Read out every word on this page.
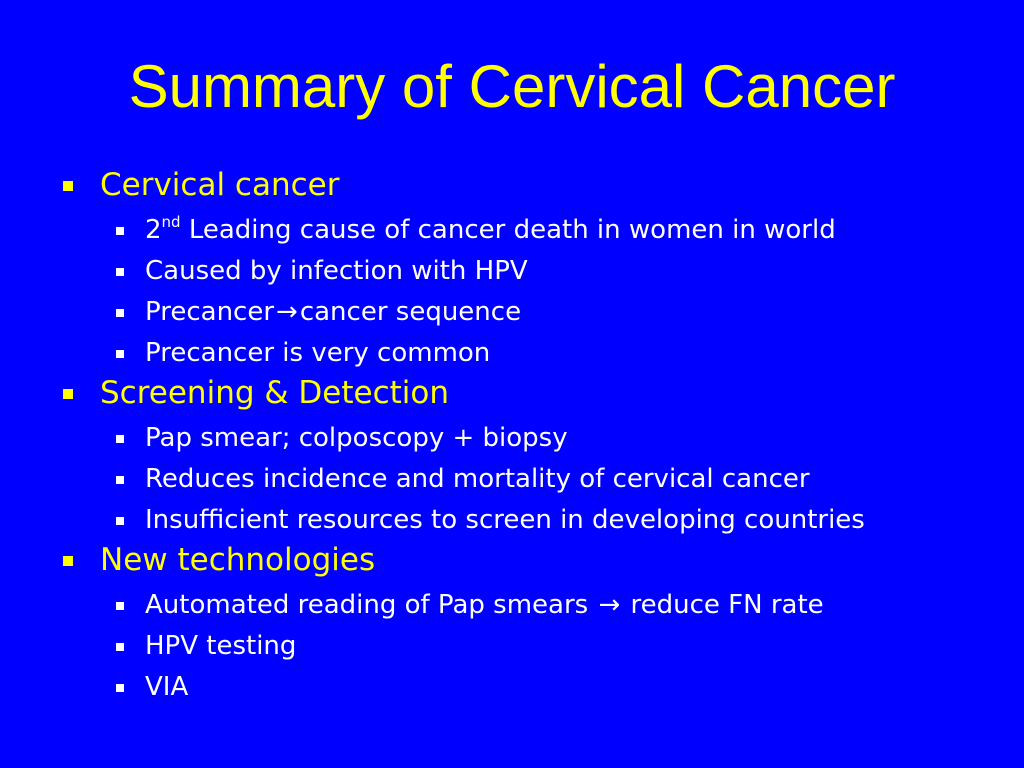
Summary of Cervical Cancer
Cervical cancer
2nd Leading cause of cancer death in women in world
Caused by infection with HPV
Precancer→cancer sequence
Precancer is very common
Screening & Detection
Pap smear; colposcopy + biopsy
Reduces incidence and mortality of cervical cancer
Insufficient resources to screen in developing countries
New technologies
Automated reading of Pap smears → reduce FN rate
HPV testing
VIA
